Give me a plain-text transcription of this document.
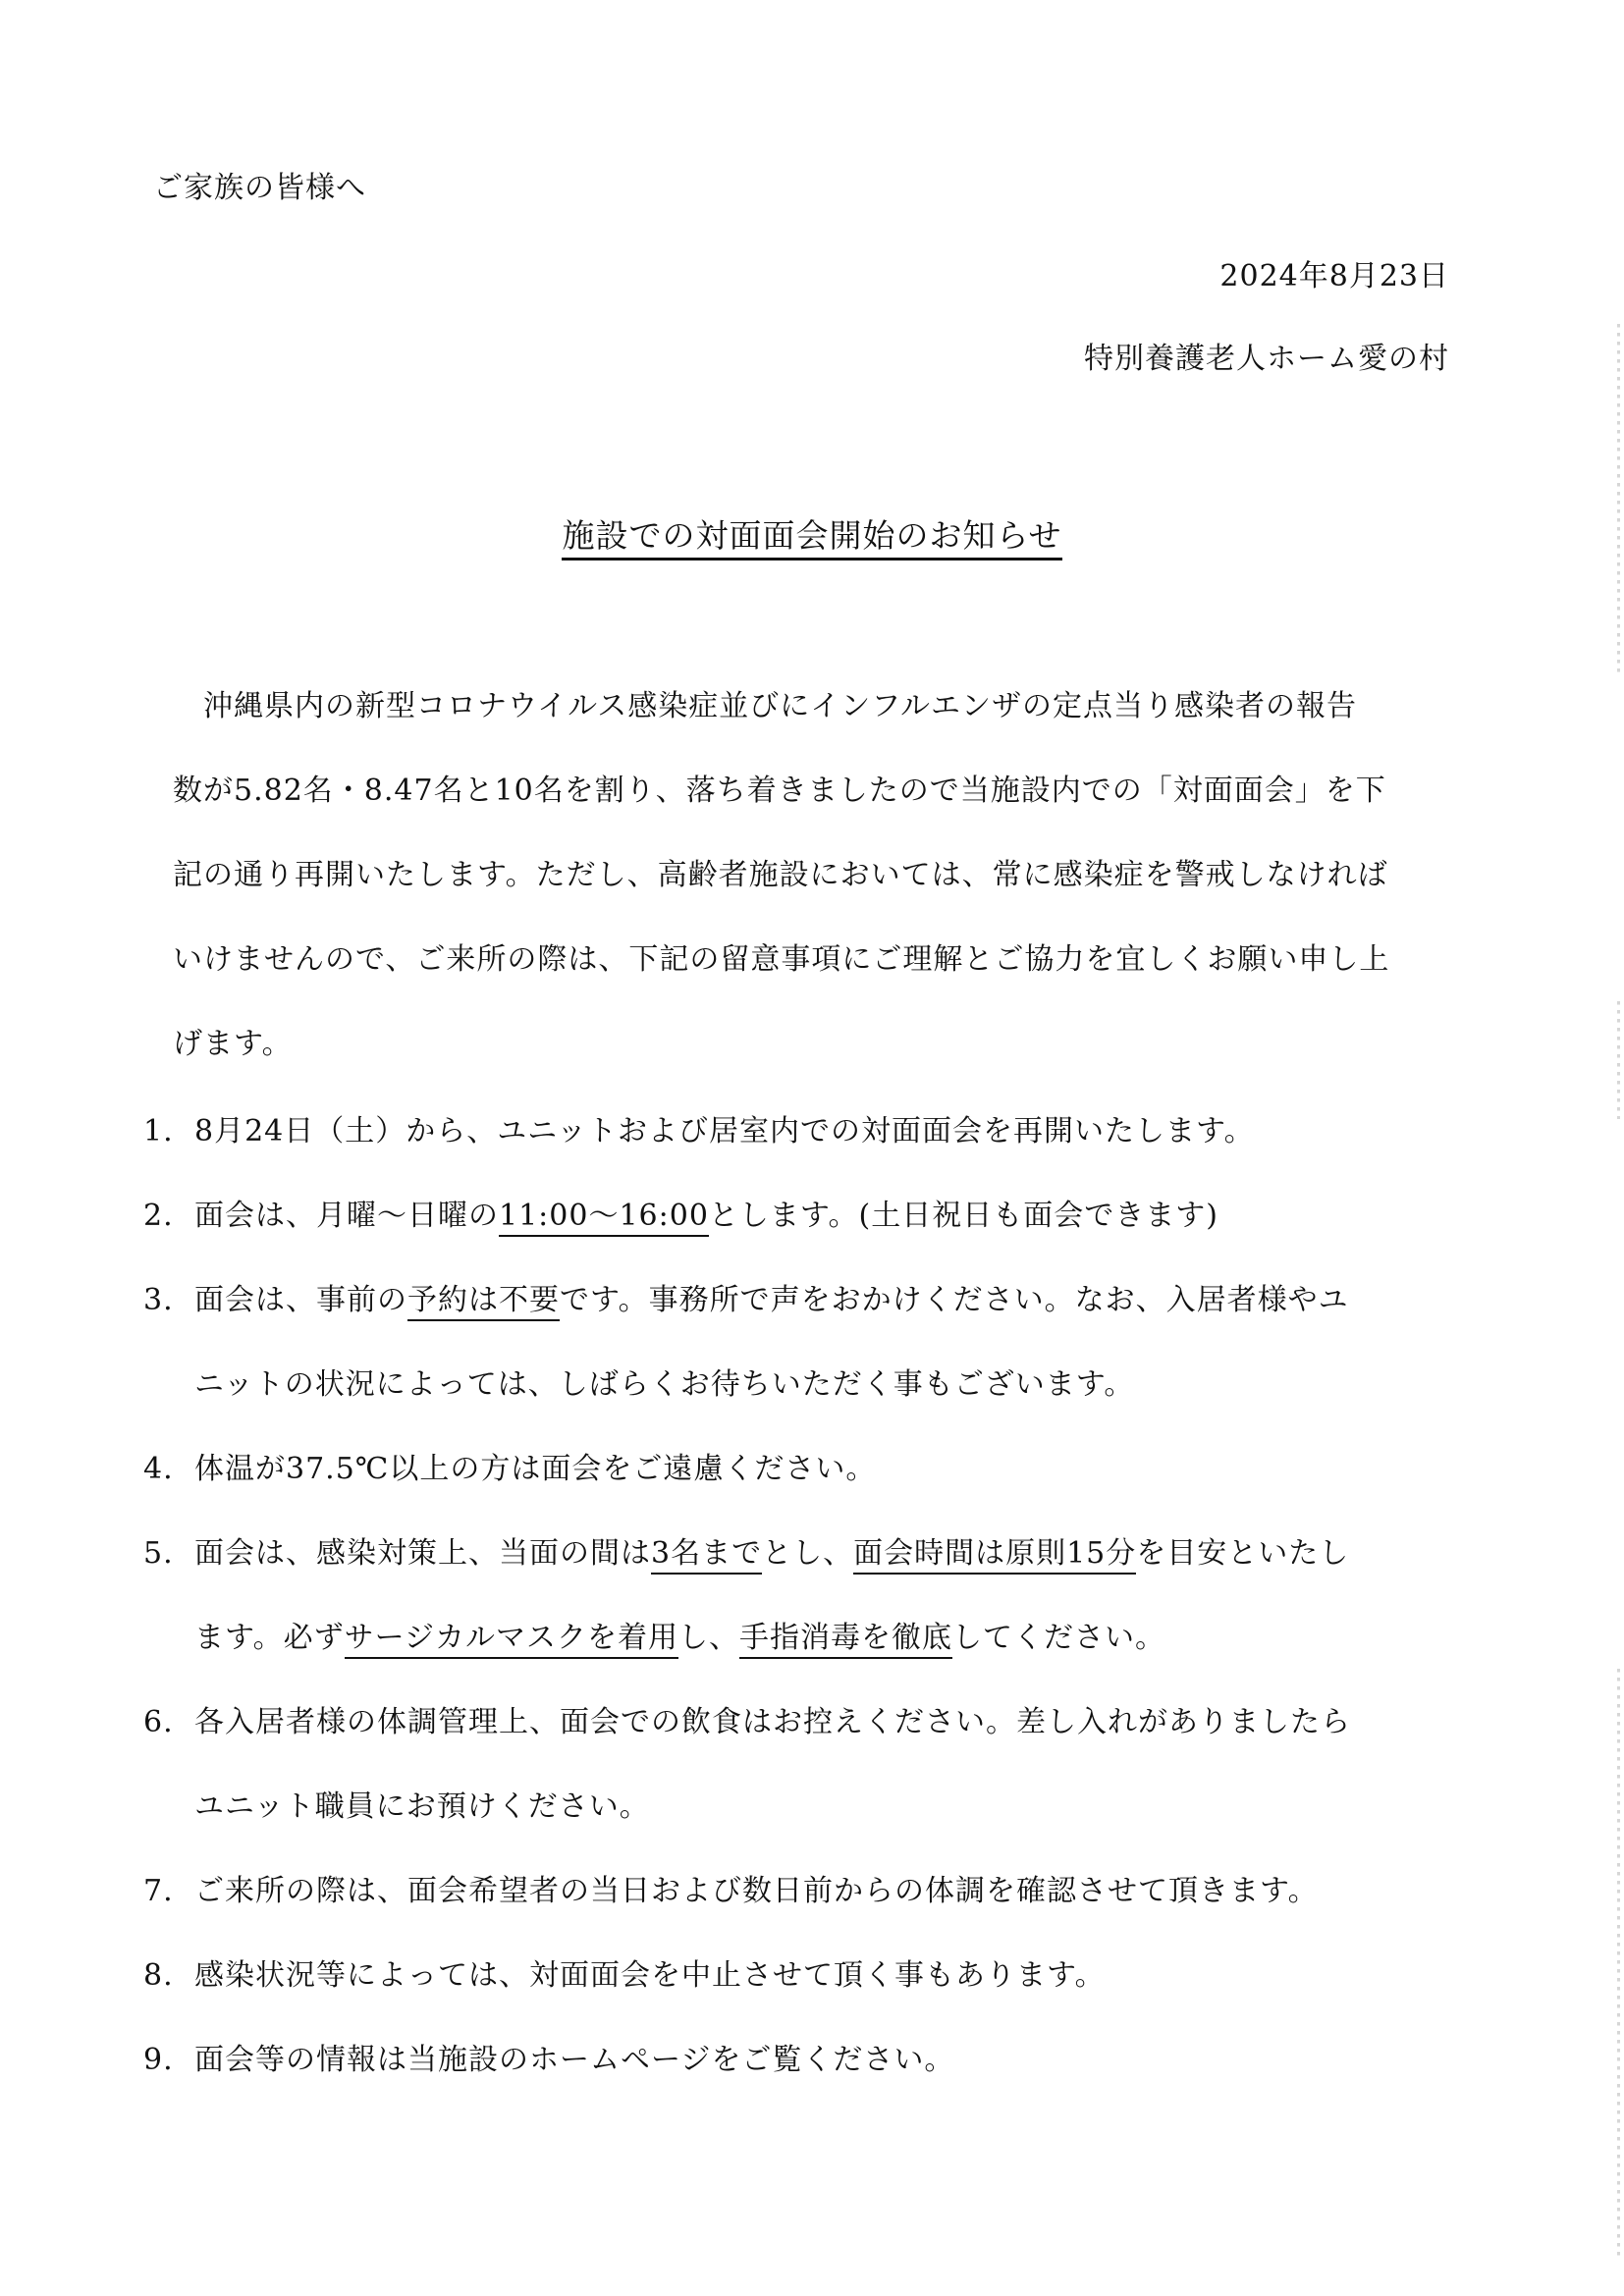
ご家族の皆様へ
2024年8月23日
特別養護老人ホーム愛の村
施設での対面面会開始のお知らせ
　沖縄県内の新型コロナウイルス感染症並びにインフルエンザの定点当り感染者の報告
数が5.82名・8.47名と10名を割り、落ち着きましたので当施設内での「対面面会」を下
記の通り再開いたします。ただし、高齢者施設においては、常に感染症を警戒しなければ
いけませんので、ご来所の際は、下記の留意事項にご理解とご協力を宜しくお願い申し上
げます。
1. 8月24日（土）から、ユニットおよび居室内での対面面会を再開いたします。
2. 面会は、月曜～日曜の11:00～16:00とします。(土日祝日も面会できます)
3. 面会は、事前の予約は不要です。事務所で声をおかけください。なお、入居者様やユ
ニットの状況によっては、しばらくお待ちいただく事もございます。
4. 体温が37.5℃以上の方は面会をご遠慮ください。
5. 面会は、感染対策上、当面の間は3名までとし、面会時間は原則15分を目安といたし
ます。必ずサージカルマスクを着用し、手指消毒を徹底してください。
6. 各入居者様の体調管理上、面会での飲食はお控えください。差し入れがありましたら
ユニット職員にお預けください。
7. ご来所の際は、面会希望者の当日および数日前からの体調を確認させて頂きます。
8. 感染状況等によっては、対面面会を中止させて頂く事もあります。
9. 面会等の情報は当施設のホームページをご覧ください。
